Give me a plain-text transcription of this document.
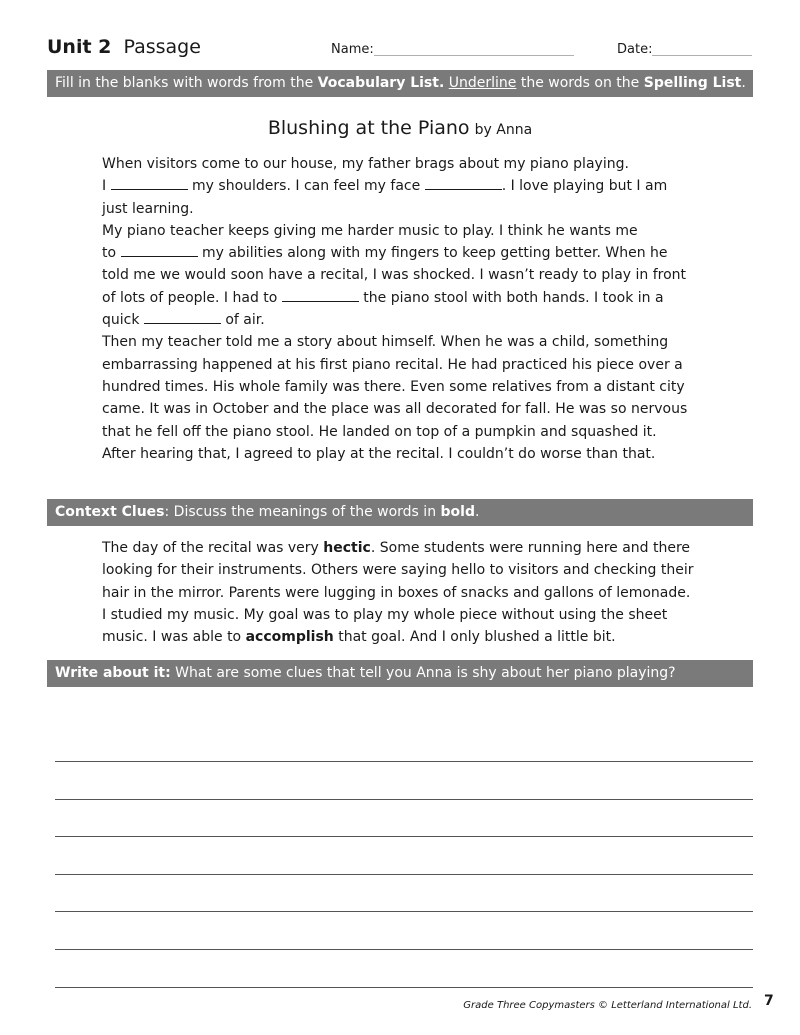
Unit 2 Passage	Name:	Date:
Fill in the blanks with words from the Vocabulary List. Underline the words on the Spelling List.
Blushing at the Piano by Anna

When visitors come to our house, my father brags about my piano playing.

I	my shoulders. I can feel my face	. I love playing but I am

just learning.

My piano teacher keeps giving me harder music to play. I think he wants me

to	my abilities along with my fingers to keep getting better. When he

told me we would soon have a recital, I was shocked. I wasn’t ready to play in front

of lots of people. I had to	the piano stool with both hands. I took in a

quick	of air.

Then my teacher told me a story about himself. When he was a child, something

embarrassing happened at his first piano recital. He had practiced his piece over a

hundred times. His whole family was there. Even some relatives from a distant city

came. It was in October and the place was all decorated for fall. He was so nervous

that he fell off the piano stool. He landed on top of a pumpkin and squashed it.

After hearing that, I agreed to play at the recital. I couldn’t do worse than that.

Context Clues: Discuss the meanings of the words in bold.

The day of the recital was very hectic. Some students were running here and there

looking for their instruments. Others were saying hello to visitors and checking their

hair in the mirror. Parents were lugging in boxes of snacks and gallons of lemonade.

I studied my music. My goal was to play my whole piece without using the sheet

music. I was able to accomplish that goal. And I only blushed a little bit.

Write about it: What are some clues that tell you Anna is shy about her piano playing?
Grade Three Copymasters © Letterland International Ltd. 7
